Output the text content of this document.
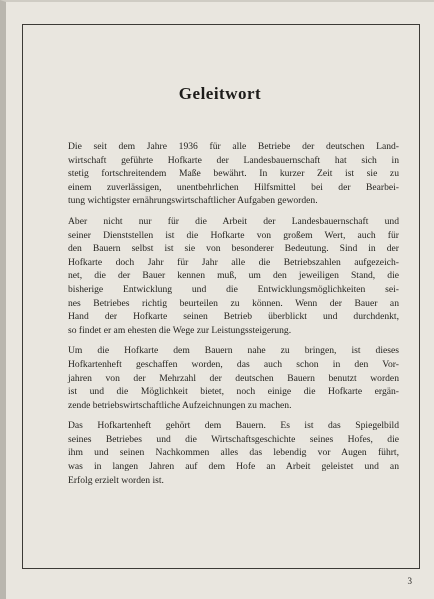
Geleitwort

Die seit dem Jahre 1936 für alle Betriebe der deutschen Land-
wirtschaft geführte Hofkarte der Landesbauernschaft hat sich in
stetig fortschreitendem Maße bewährt. In kurzer Zeit ist sie zu
einem zuverlässigen, unentbehrlichen Hilfsmittel bei der Bearbei-
tung wichtigster ernährungswirtschaftlicher Aufgaben geworden.

Aber nicht nur für die Arbeit der Landesbauernschaft und
seiner Dienststellen ist die Hofkarte von großem Wert, auch für
den Bauern selbst ist sie von besonderer Bedeutung. Sind in der
Hofkarte doch Jahr für Jahr alle die Betriebszahlen aufgezeich-
net, die der Bauer kennen muß, um den jeweiligen Stand, die
bisherige Entwicklung und die Entwicklungsmöglichkeiten sei-
nes Betriebes richtig beurteilen zu können. Wenn der Bauer an
Hand der Hofkarte seinen Betrieb überblickt und durchdenkt,
so findet er am ehesten die Wege zur Leistungssteigerung.

Um die Hofkarte dem Bauern nahe zu bringen, ist dieses
Hofkartenheft geschaffen worden, das auch schon in den Vor-
jahren von der Mehrzahl der deutschen Bauern benutzt worden
ist und die Möglichkeit bietet, noch einige die Hofkarte ergän-
zende betriebswirtschaftliche Aufzeichnungen zu machen.

Das Hofkartenheft gehört dem Bauern. Es ist das Spiegelbild
seines Betriebes und die Wirtschaftsgeschichte seines Hofes, die
ihm und seinen Nachkommen alles das lebendig vor Augen führt,
was in langen Jahren auf dem Hofe an Arbeit geleistet und an
Erfolg erzielt worden ist.

3
